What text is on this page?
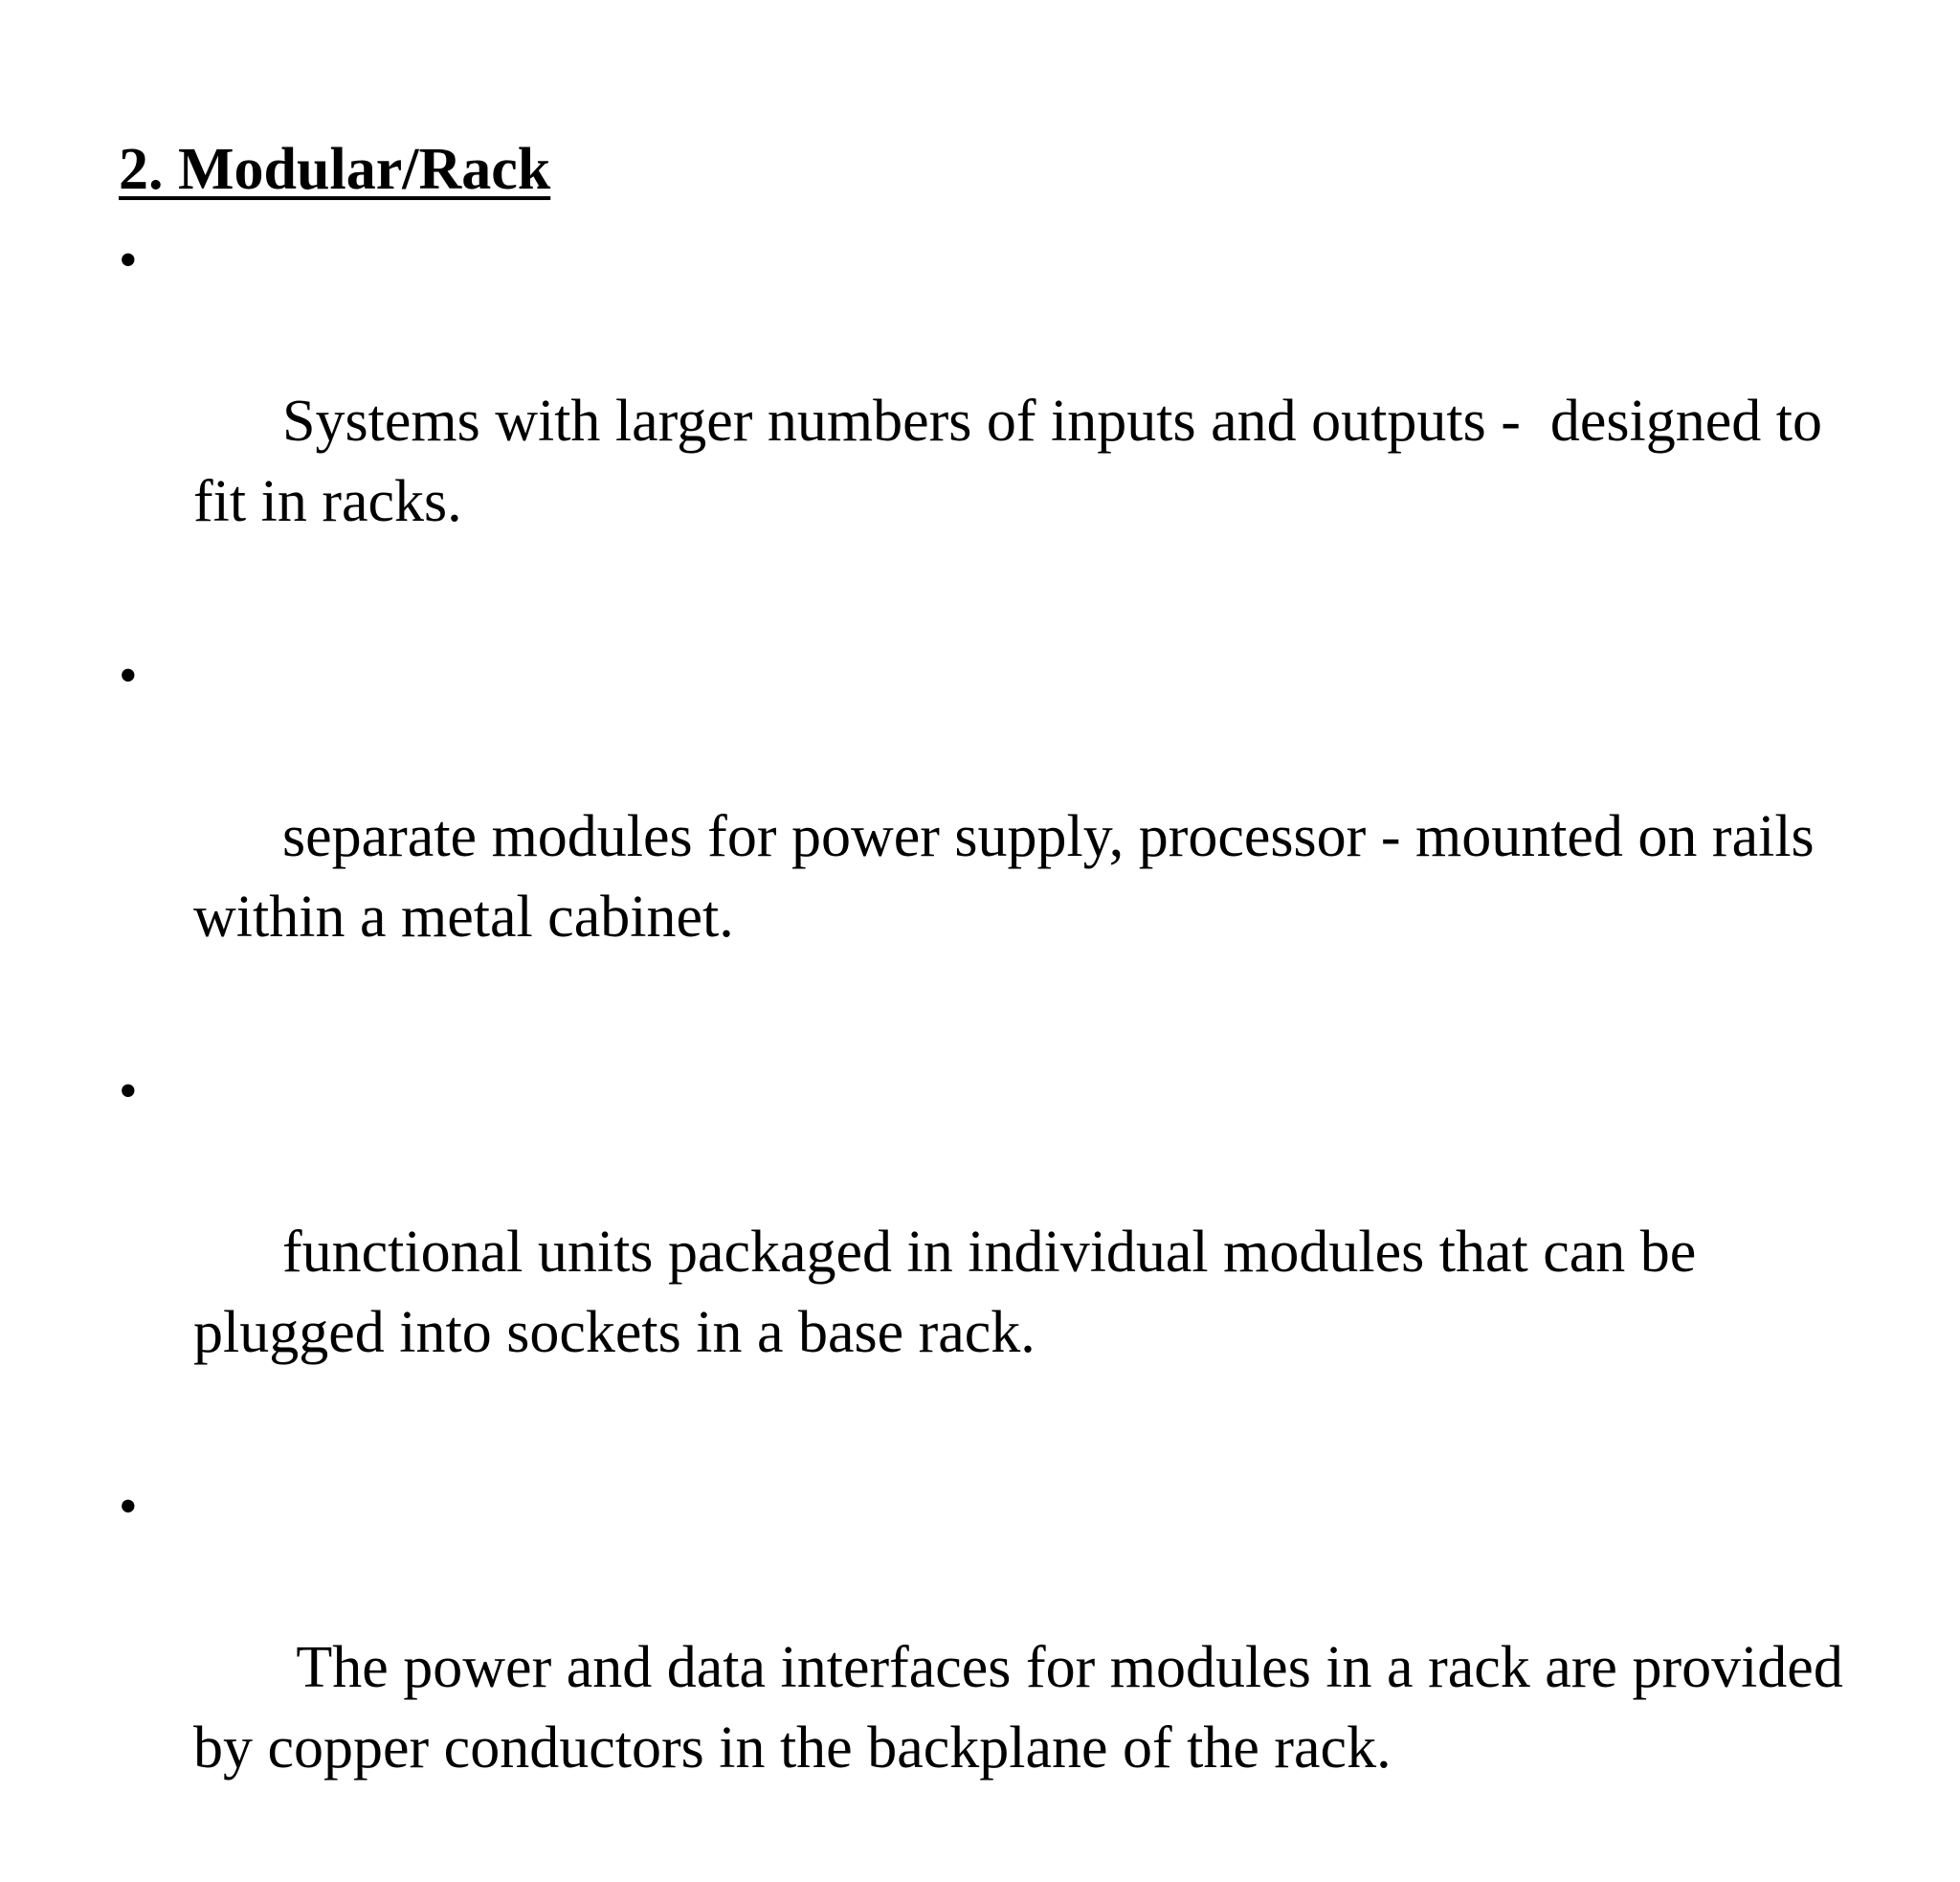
2. Modular/Rack

•

Systems with larger numbers of inputs and outputs -  designed to fit in racks.

•

separate modules for power supply, processor - mounted on rails within a metal cabinet.

•

functional units packaged in individual modules that can be plugged into sockets in a base rack.

•

The power and data interfaces for modules in a rack are provided by copper conductors in the backplane of the rack.
